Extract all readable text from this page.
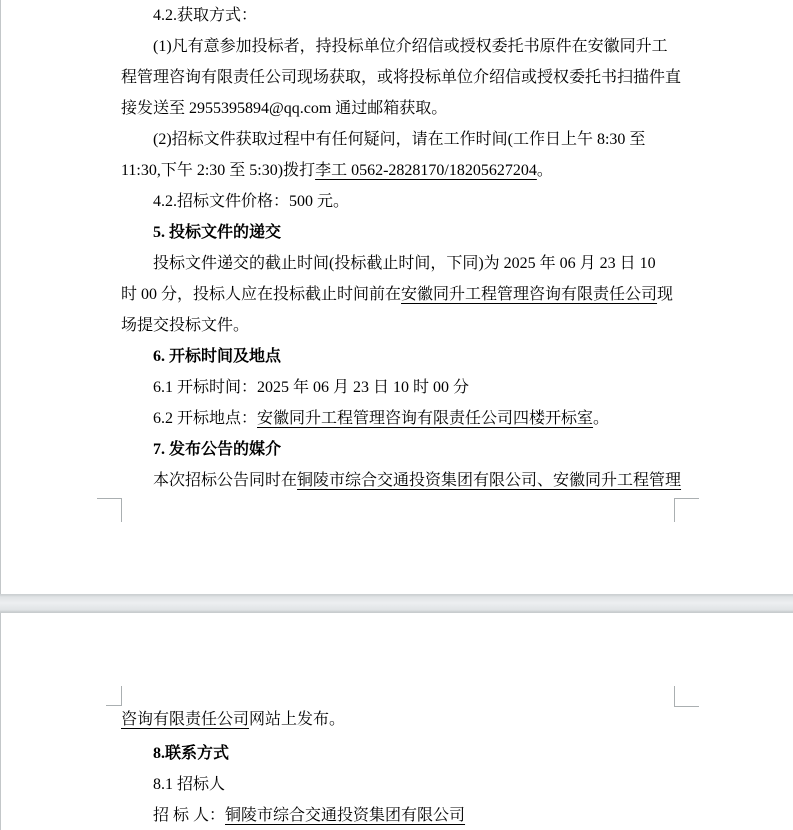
4.2.获取方式：
(1)凡有意参加投标者，持投标单位介绍信或授权委托书原件在安徽同升工
程管理咨询有限责任公司现场获取，或将投标单位介绍信或授权委托书扫描件直
接发送至 2955395894@qq.com 通过邮箱获取。
(2)招标文件获取过程中有任何疑问，请在工作时间(工作日上午 8:30 至
11:30,下午 2:30 至 5:30)拨打李工 0562-2828170/18205627204。
4.2.招标文件价格：500 元。
5. 投标文件的递交
投标文件递交的截止时间(投标截止时间，下同)为 2025 年 06 月 23 日 10
时 00 分，投标人应在投标截止时间前在安徽同升工程管理咨询有限责任公司现
场提交投标文件。
6. 开标时间及地点
6.1 开标时间：2025 年 06 月 23 日 10 时 00 分
6.2 开标地点：安徽同升工程管理咨询有限责任公司四楼开标室。
7. 发布公告的媒介
本次招标公告同时在铜陵市综合交通投资集团有限公司、安徽同升工程管理
咨询有限责任公司网站上发布。
8.联系方式
8.1 招标人
招 标 人：铜陵市综合交通投资集团有限公司
